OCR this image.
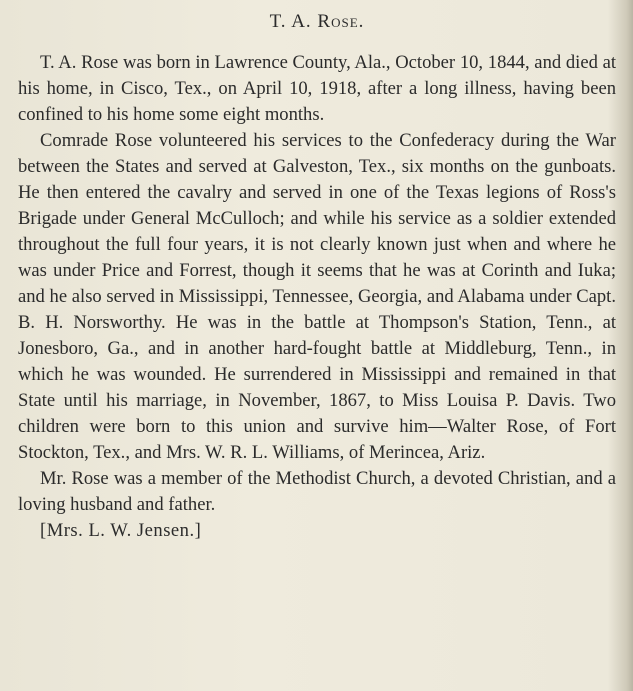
T. A. Rose.

T. A. Rose was born in Lawrence County, Ala., October 10, 1844, and died at his home, in Cisco, Tex., on April 10, 1918, after a long illness, having been confined to his home some eight months.

Comrade Rose volunteered his services to the Confederacy during the War between the States and served at Galveston, Tex., six months on the gunboats. He then entered the cavalry and served in one of the Texas legions of Ross's Brigade under General McCulloch; and while his service as a soldier extended throughout the full four years, it is not clearly known just when and where he was under Price and Forrest, though it seems that he was at Corinth and Iuka; and he also served in Mississippi, Tennessee, Georgia, and Alabama under Capt. B. H. Norsworthy. He was in the battle at Thompson's Station, Tenn., at Jonesboro, Ga., and in another hard-fought battle at Middleburg, Tenn., in which he was wounded. He surrendered in Mississippi and remained in that State until his marriage, in November, 1867, to Miss Louisa P. Davis. Two children were born to this union and survive him—Walter Rose, of Fort Stockton, Tex., and Mrs. W. R. L. Williams, of Merincea, Ariz.

Mr. Rose was a member of the Methodist Church, a devoted Christian, and a loving husband and father.

[Mrs. L. W. Jensen.]
